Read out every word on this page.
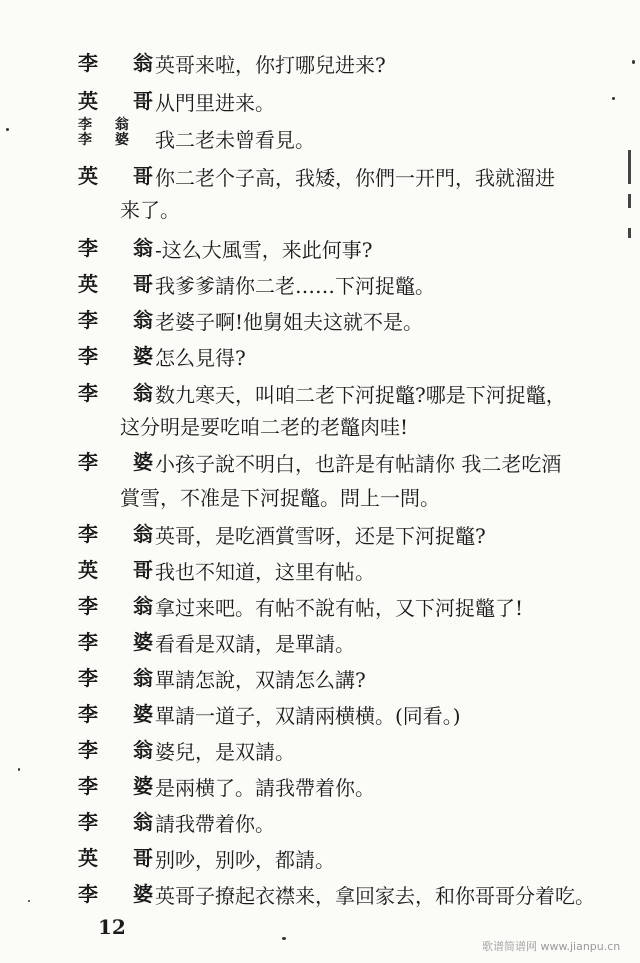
李 翁
英哥来啦，你打哪兒进来?
英 哥
从門里进来。
李 翁
李 婆 我二老未曾看見。
英 哥
你二老个子高，我矮，你們一开門，我就溜进
来了。
李 翁
-这么大風雪，来此何事?
英 哥
我爹爹請你二老……下河捉鼈。
李 翁
老婆子啊!他舅姐夫这就不是。
李 婆
怎么見得?
李 翁
数九寒天，叫咱二老下河捉鼈?哪是下河捉鼈，
这分明是要吃咱二老的老鼈肉哇!
李 婆
小孩子說不明白，也許是有帖請你 我二老吃酒
賞雪，不准是下河捉鼈。問上一問。
李 翁
英哥，是吃酒賞雪呀，还是下河捉鼈?
英 哥
我也不知道，这里有帖。
李 翁
拿过来吧。有帖不說有帖，又下河捉鼈了!
李 婆
看看是双請，是單請。
李 翁
單請怎說，双請怎么講?
李 婆
單請一道子，双請兩横横。(同看。)
李 翁
婆兒，是双請。
李 婆
是兩横了。請我帶着你。
李 翁
請我帶着你。
英 哥
别吵，别吵，都請。
李 婆
英哥子撩起衣襟来，拿回家去，和你哥哥分着吃。
12
歌谱简谱网 www.jianpu.cn
